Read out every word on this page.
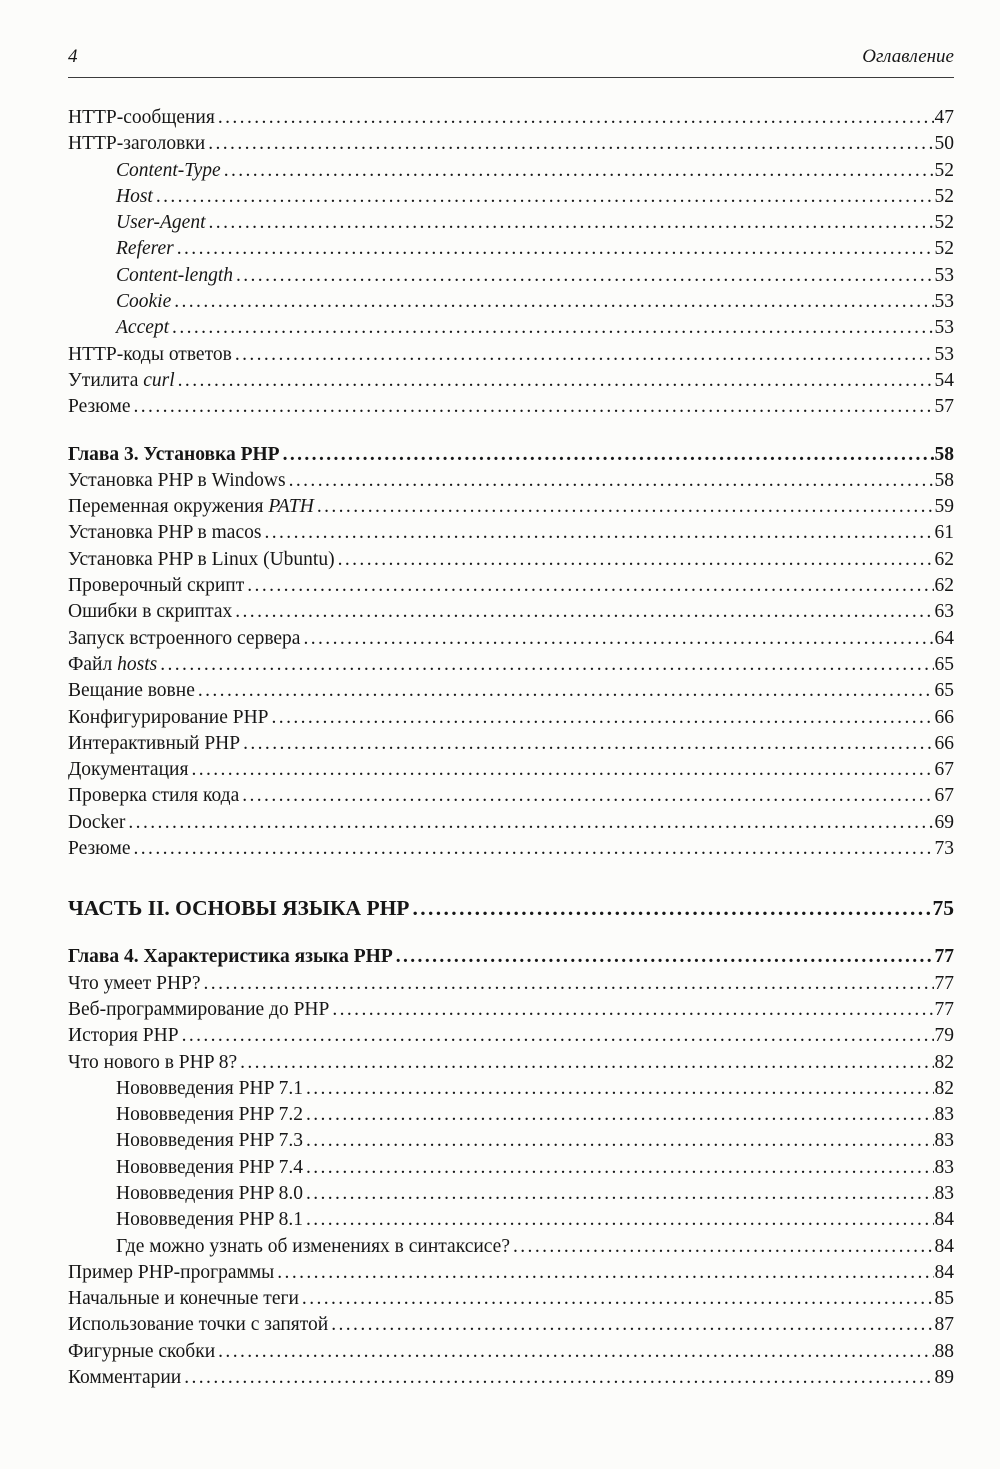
4	Оглавление
HTTP-сообщения .....	47
HTTP-заголовки .....	50
Content-Type .....	52
Host .....	52
User-Agent .....	52
Referer .....	52
Content-length .....	53
Cookie .....	53
Accept .....	53
HTTP-коды ответов .....	53
Утилита curl .....	54
Резюме .....	57
Глава 3. Установка PHP .....	58
Установка PHP в Windows .....	58
Переменная окружения PATH .....	59
Установка PHP в macos .....	61
Установка PHP в Linux (Ubuntu) .....	62
Проверочный скрипт .....	62
Ошибки в скриптах .....	63
Запуск встроенного сервера .....	64
Файл hosts .....	65
Вещание вовне .....	65
Конфигурирование PHP .....	66
Интерактивный PHP .....	66
Документация .....	67
Проверка стиля кода .....	67
Docker .....	69
Резюме .....	73
ЧАСТЬ II. ОСНОВЫ ЯЗЫКА PHP .....	75
Глава 4. Характеристика языка PHP .....	77
Что умеет PHP? .....	77
Веб-программирование до PHP .....	77
История PHP .....	79
Что нового в PHP 8? .....	82
Нововведения PHP 7.1 .....	82
Нововведения PHP 7.2 .....	83
Нововведения PHP 7.3 .....	83
Нововведения PHP 7.4 .....	83
Нововведения PHP 8.0 .....	83
Нововведения PHP 8.1 .....	84
Где можно узнать об изменениях в синтаксисе? .....	84
Пример PHP-программы .....	84
Начальные и конечные теги .....	85
Использование точки с запятой .....	87
Фигурные скобки .....	88
Комментарии .....	89
